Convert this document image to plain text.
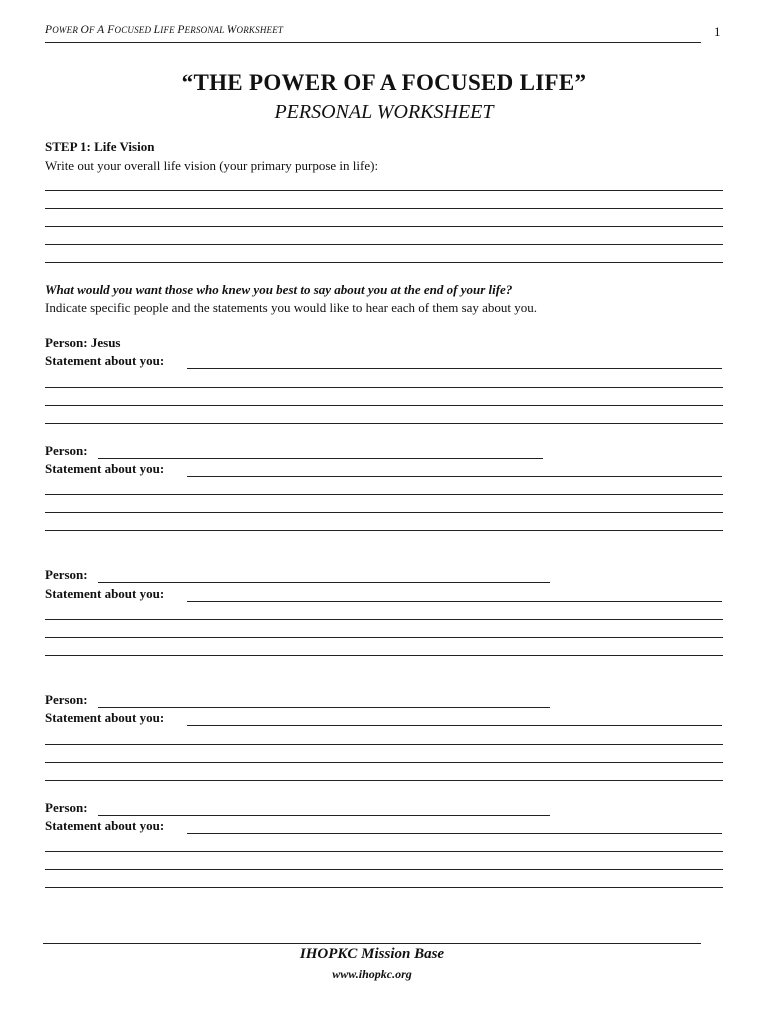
POWER OF A FOCUSED LIFE PERSONAL WORKSHEET	1
“THE POWER OF A FOCUSED LIFE”
PERSONAL WORKSHEET
STEP 1: Life Vision
Write out your overall life vision (your primary purpose in life):
What would you want those who knew you best to say about you at the end of your life?
Indicate specific people and the statements you would like to hear each of them say about you.
Person: Jesus
Statement about you:
Person:
Statement about you:
Person:
Statement about you:
Person:
Statement about you:
Person:
Statement about you:
IHOPKC Mission Base
www.ihopkc.org
